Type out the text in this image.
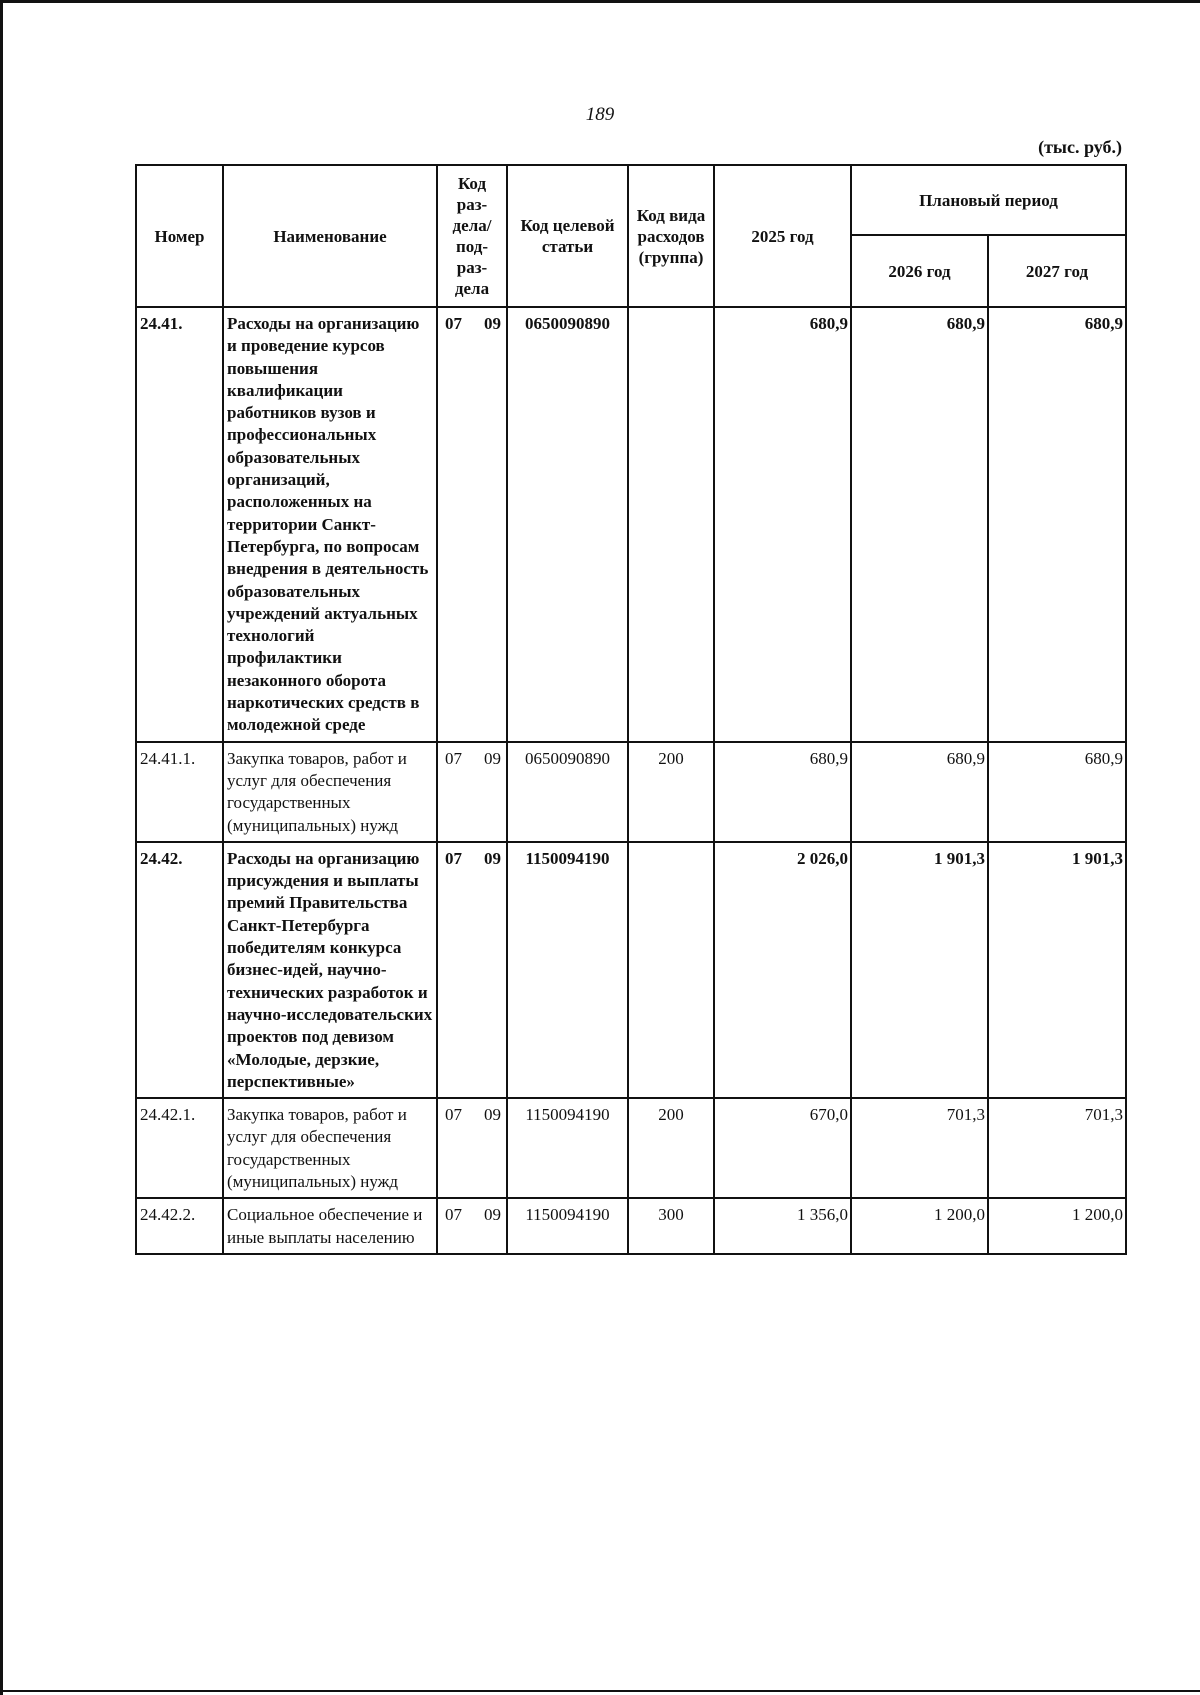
189
(тыс. руб.)
Номер	Наименование	Код раз-дела/ под-раз-дела	Код целевой статьи	Код вида расходов (группа)	2025 год	Плановый период	
						2026 год	2027 год
24.41.	Расходы на организацию и проведение курсов повышения квалификации работников вузов и профессиональных образовательных организаций, расположенных на территории Санкт-Петербурга, по вопросам внедрения в деятельность образовательных учреждений актуальных технологий профилактики незаконного оборота наркотических средств в молодежной среде	07 09	0650090890		680,9	680,9	680,9
24.41.1.	Закупка товаров, работ и услуг для обеспечения государственных (муниципальных) нужд	07 09	0650090890	200	680,9	680,9	680,9
24.42.	Расходы на организацию присуждения и выплаты премий Правительства Санкт-Петербурга победителям конкурса бизнес-идей, научно-технических разработок и научно-исследовательских проектов под девизом «Молодые, дерзкие, перспективные»	07 09	1150094190		2 026,0	1 901,3	1 901,3
24.42.1.	Закупка товаров, работ и услуг для обеспечения государственных (муниципальных) нужд	07 09	1150094190	200	670,0	701,3	701,3
24.42.2.	Социальное обеспечение и иные выплаты населению	07 09	1150094190	300	1 356,0	1 200,0	1 200,0
